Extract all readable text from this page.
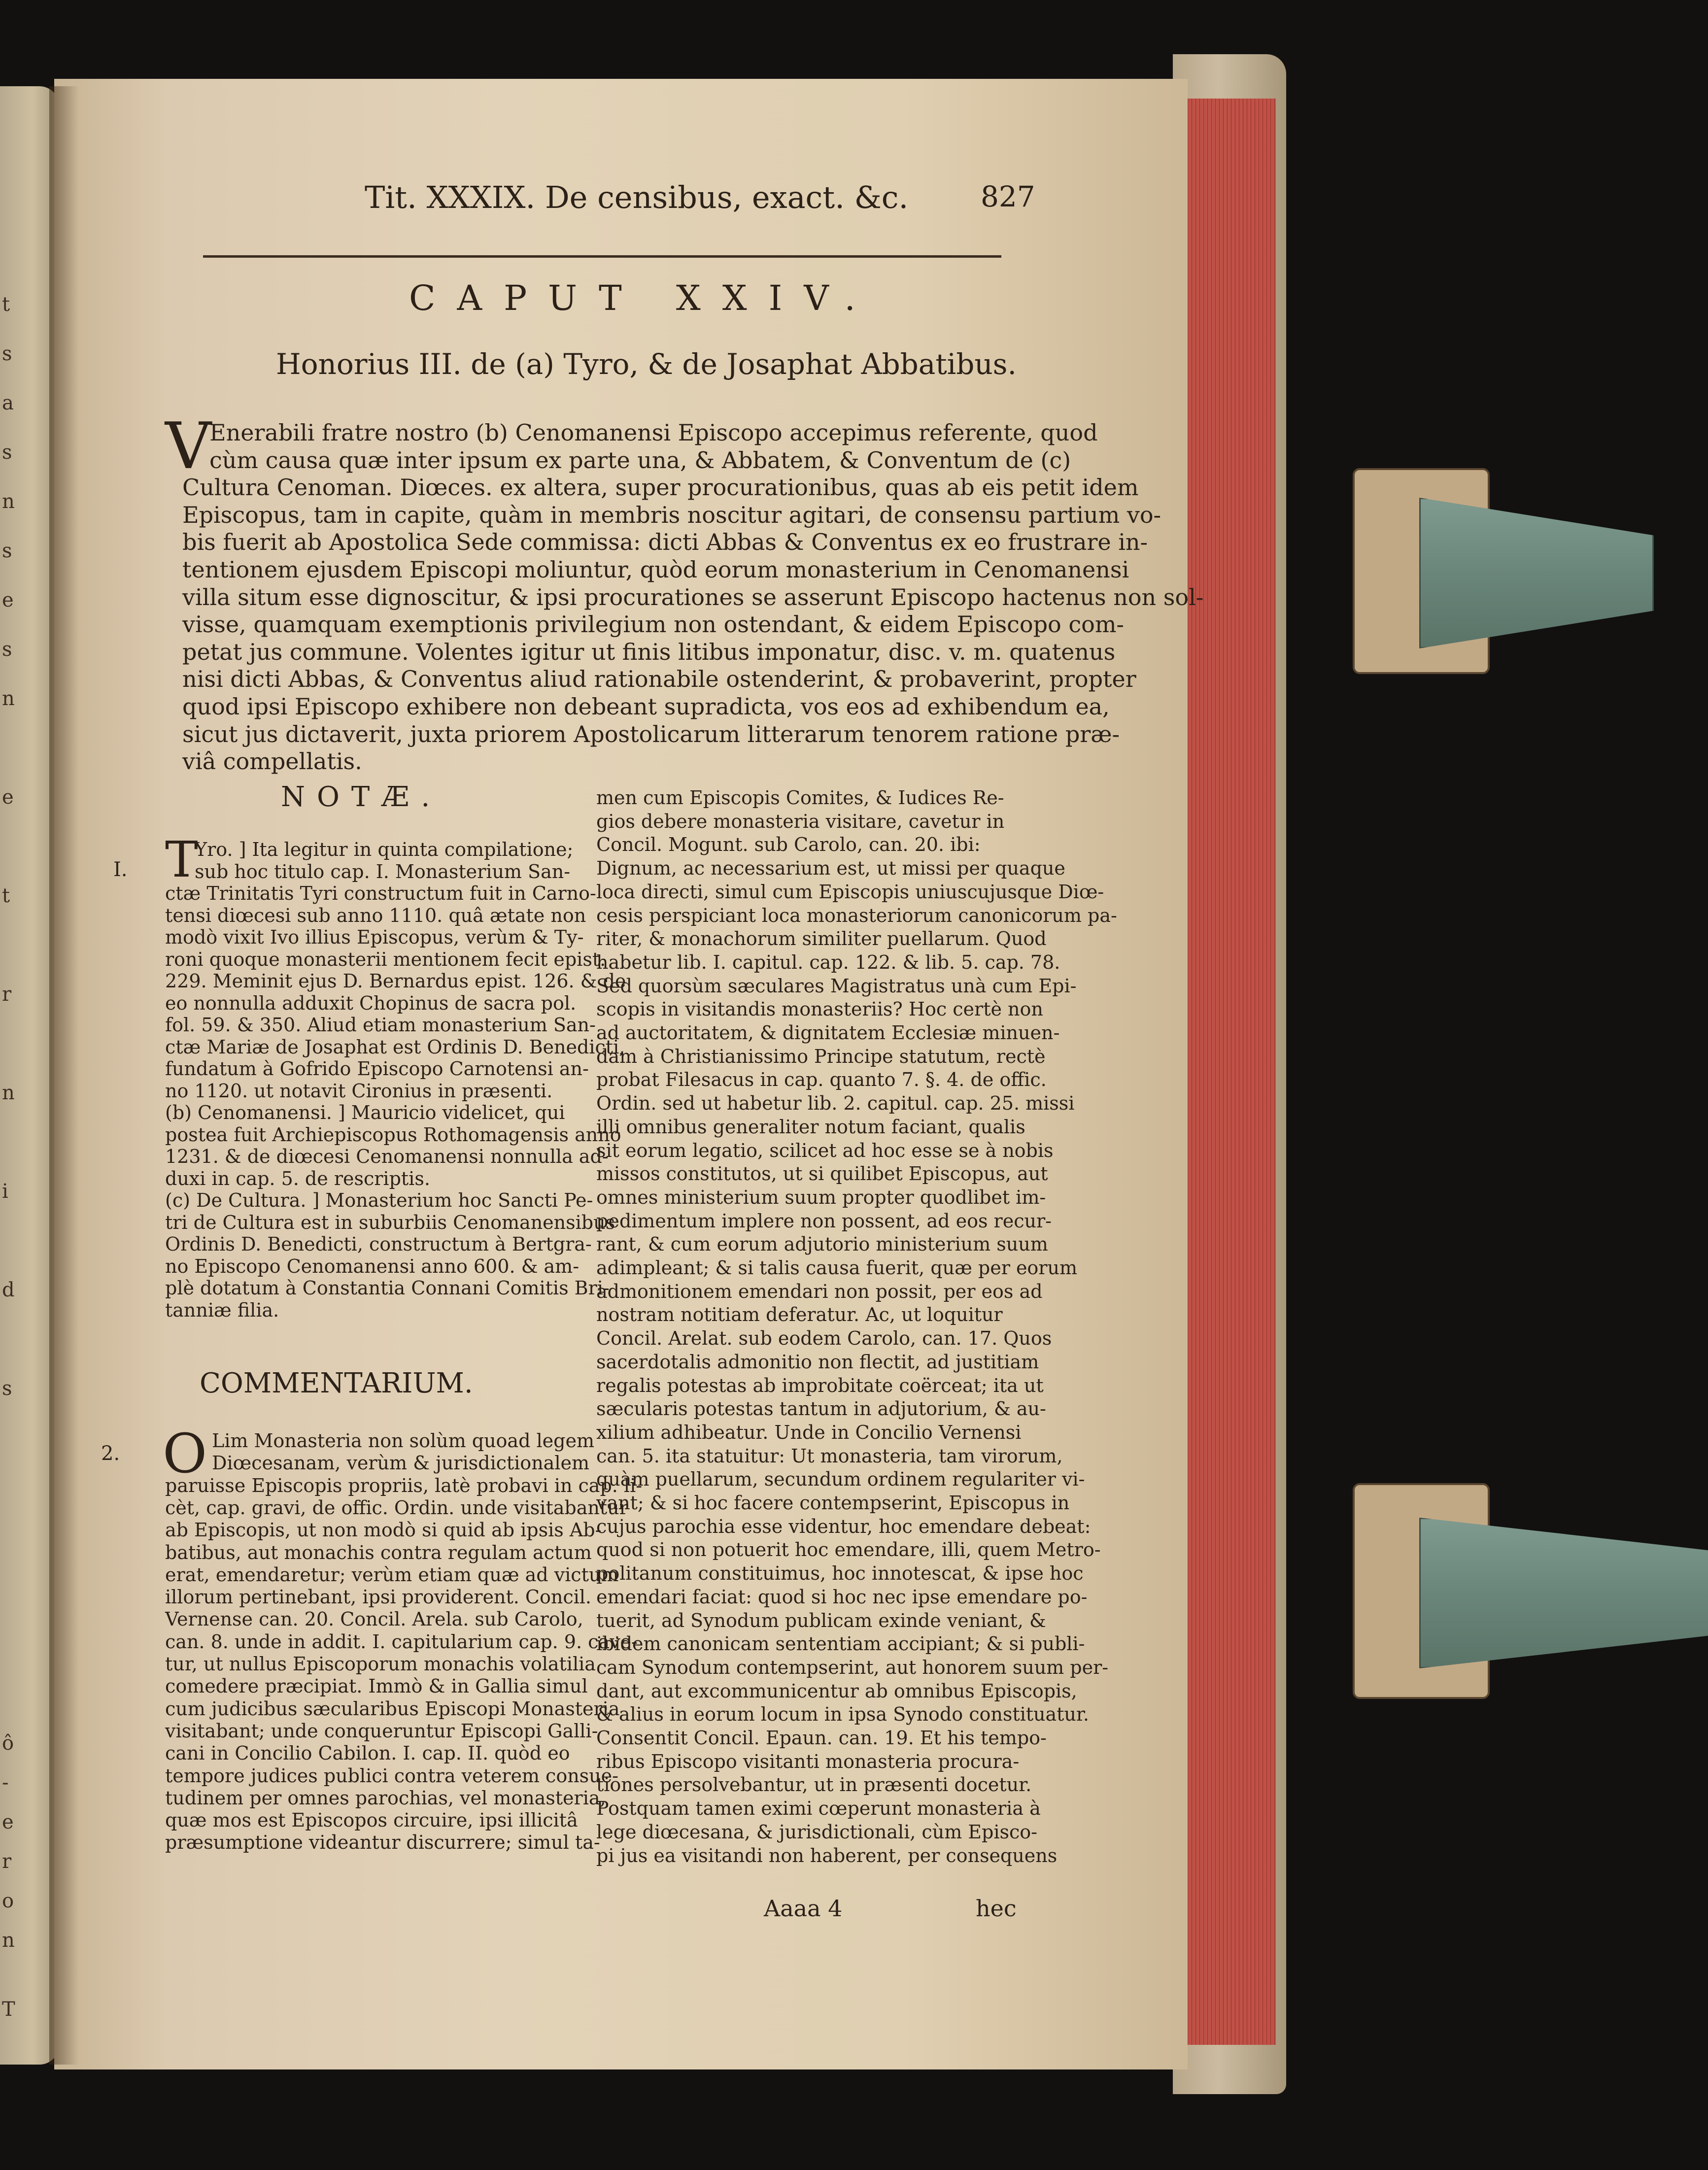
t
s
a
s
n
s
e
s
n
e
t
r
n
i
d
s
ô
-
e
r
o
n
T
Tit. XXXIX. De censibus, exact. &c.	827
CAPUT XXIV.
Honorius III. de (a) Tyro, & de Josaphat Abbatibus.
V
Enerabili fratre nostro (b) Cenomanensi Episcopo accepimus referente, quod
cùm causa quæ inter ipsum ex parte una, & Abbatem, & Conventum de (c)
Cultura Cenoman. Diœces. ex altera, super procurationibus, quas ab eis petit idem
Episcopus, tam in capite, quàm in membris noscitur agitari, de consensu partium vo-
bis fuerit ab Apostolica Sede commissa: dicti Abbas & Conventus ex eo frustrare in-
tentionem ejusdem Episcopi moliuntur, quòd eorum monasterium in Cenomanensi
villa situm esse dignoscitur, & ipsi procurationes se asserunt Episcopo hactenus non sol-
visse, quamquam exemptionis privilegium non ostendant, & eidem Episcopo com-
petat jus commune. Volentes igitur ut finis litibus imponatur, disc. v. m. quatenus
nisi dicti Abbas, & Conventus aliud rationabile ostenderint, & probaverint, propter
quod ipsi Episcopo exhibere non debeant supradicta, vos eos ad exhibendum ea,
sicut jus dictaverit, juxta priorem Apostolicarum litterarum tenorem ratione præ-
viâ compellatis.
NOTÆ.
T
I.
Yro. ] Ita legitur in quinta compilatione;
sub hoc titulo cap. I. Monasterium San-
ctæ Trinitatis Tyri constructum fuit in Carno-
tensi diœcesi sub anno 1110. quâ ætate non
modò vixit Ivo illius Episcopus, verùm & Ty-
roni quoque monasterii mentionem fecit epist.
229. Meminit ejus D. Bernardus epist. 126. & de
eo nonnulla adduxit Chopinus de sacra pol.
fol. 59. & 350. Aliud etiam monasterium San-
ctæ Mariæ de Josaphat est Ordinis D. Benedicti,
fundatum à Gofrido Episcopo Carnotensi an-
no 1120. ut notavit Cironius in præsenti.
(b) Cenomanensi. ] Mauricio videlicet, qui
postea fuit Archiepiscopus Rothomagensis anno
1231. & de diœcesi Cenomanensi nonnulla ad-
duxi in cap. 5. de rescriptis.
(c) De Cultura. ] Monasterium hoc Sancti Pe-
tri de Cultura est in suburbiis Cenomanensibus
Ordinis D. Benedicti, constructum à Bertgra-
no Episcopo Cenomanensi anno 600. & am-
plè dotatum à Constantia Connani Comitis Bri-
tanniæ filia.
COMMENTARIUM.
O
2.
Lim Monasteria non solùm quoad legem
Diœcesanam, verùm & jurisdictionalem
paruisse Episcopis propriis, latè probavi in cap. li-
cèt, cap. gravi, de offic. Ordin. unde visitabantur
ab Episcopis, ut non modò si quid ab ipsis Ab-
batibus, aut monachis contra regulam actum
erat, emendaretur; verùm etiam quæ ad victum
illorum pertinebant, ipsi providerent. Concil.
Vernense can. 20. Concil. Arela. sub Carolo,
can. 8. unde in addit. I. capitularium cap. 9. cave-
tur, ut nullus Episcoporum monachis volatilia
comedere præcipiat. Immò & in Gallia simul
cum judicibus sæcularibus Episcopi Monasteria
visitabant; unde conqueruntur Episcopi Galli-
cani in Concilio Cabilon. I. cap. II. quòd eo
tempore judices publici contra veterem consue-
tudinem per omnes parochias, vel monasteria,
quæ mos est Episcopos circuire, ipsi illicitâ
præsumptione videantur discurrere; simul ta-
men cum Episcopis Comites, & Iudices Re-
gios debere monasteria visitare, cavetur in
Concil. Mogunt. sub Carolo, can. 20. ibi:
Dignum, ac necessarium est, ut missi per quaque
loca directi, simul cum Episcopis uniuscujusque Diœ-
cesis perspiciant loca monasteriorum canonicorum pa-
riter, & monachorum similiter puellarum. Quod
habetur lib. I. capitul. cap. 122. & lib. 5. cap. 78.
Sed quorsùm sæculares Magistratus unà cum Epi-
scopis in visitandis monasteriis? Hoc certè non
ad auctoritatem, & dignitatem Ecclesiæ minuen-
dam à Christianissimo Principe statutum, rectè
probat Filesacus in cap. quanto 7. §. 4. de offic.
Ordin. sed ut habetur lib. 2. capitul. cap. 25. missi
illi omnibus generaliter notum faciant, qualis
sit eorum legatio, scilicet ad hoc esse se à nobis
missos constitutos, ut si quilibet Episcopus, aut
omnes ministerium suum propter quodlibet im-
pedimentum implere non possent, ad eos recur-
rant, & cum eorum adjutorio ministerium suum
adimpleant; & si talis causa fuerit, quæ per eorum
admonitionem emendari non possit, per eos ad
nostram notitiam deferatur. Ac, ut loquitur
Concil. Arelat. sub eodem Carolo, can. 17. Quos
sacerdotalis admonitio non flectit, ad justitiam
regalis potestas ab improbitate coërceat; ita ut
sæcularis potestas tantum in adjutorium, & au-
xilium adhibeatur. Unde in Concilio Vernensi
can. 5. ita statuitur: Ut monasteria, tam virorum,
quàm puellarum, secundum ordinem regulariter vi-
vant; & si hoc facere contempserint, Episcopus in
cujus parochia esse videntur, hoc emendare debeat:
quod si non potuerit hoc emendare, illi, quem Metro-
politanum constituimus, hoc innotescat, & ipse hoc
emendari faciat: quod si hoc nec ipse emendare po-
tuerit, ad Synodum publicam exinde veniant, &
ibidem canonicam sententiam accipiant; & si publi-
cam Synodum contempserint, aut honorem suum per-
dant, aut excommunicentur ab omnibus Episcopis,
& alius in eorum locum in ipsa Synodo constituatur.
Consentit Concil. Epaun. can. 19. Et his tempo-
ribus Episcopo visitanti monasteria procura-
tiones persolvebantur, ut in præsenti docetur.
Postquam tamen eximi cœperunt monasteria à
lege diœcesana, & jurisdictionali, cùm Episco-
pi jus ea visitandi non haberent, per consequens
Aaaa 4	hec
